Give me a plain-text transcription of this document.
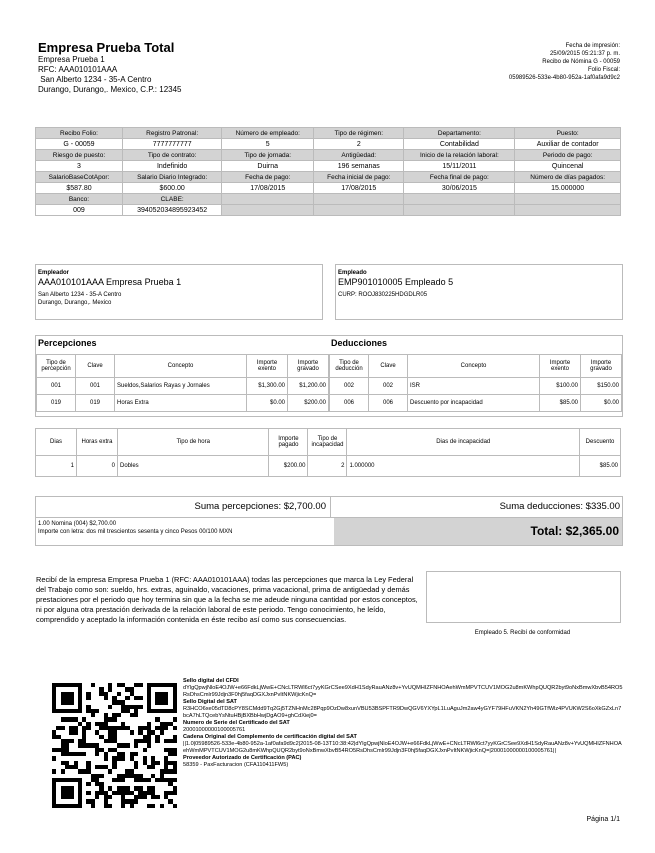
Empresa Prueba Total
Empresa Prueba 1
RFC: AAA010101AAA
San Alberto 1234 - 35-A Centro
Durango, Durango,. Mexico, C.P.: 12345
Fecha de impresión:
25/09/2015 05:21:37 p. m.
Recibo de Nómina G - 00059
Folio Fiscal:
05989526-533e-4b80-952a-1af0afa9d9c2
Recibo Folio:	Registro Patronal:	Número de empleado:	Tipo de régimen:	Departamento:	Puesto:
G - 00059	7777777777	5	2	Contabilidad	Auxiliar de contador
Riesgo de puesto:	Tipo de contrato:	Tipo de jornada:	Antigüedad:	Inicio de la relación laboral:	Periodo de pago:
3	Indefinido	Duirna	196 semanas	15/11/2011	Quincenal
SalarioBaseCotApor:	Salario Diario Integrado:	Fecha de pago:	Fecha inicial de pago:	Fecha final de pago:	Número de días pagados:
$587.80	$600.00	17/08/2015	17/08/2015	30/06/2015	15.000000
Banco:	CLABE:				
009	394052034895923452				
Empleador
AAA010101AAA Empresa Prueba 1
San Alberto 1234 - 35-A Centro
Durango, Durango,. Mexico
Empleado
EMP901010005 Empleado 5
CURP: ROOJ830225HDGDLR05
Percepciones
Tipo de percepción	Clave	Concepto	Importe exento	Importe gravado
001	001	Sueldos,Salarios Rayas y Jornales	$1,300.00	$1,200.00
019	019	Horas Extra	$0.00	$200.00
Deducciones
Tipo de deducción	Clave	Concepto	Importe exento	Importe gravado
002	002	ISR	$100.00	$150.00
006	006	Descuento por incapacidad	$85.00	$0.00
Dias	Horas extra	Tipo de hora	Importe pagado	Tipo de incapacidad	Dias de incapacidad	Descuento
1	0	Dobles	$200.00	2	1.000000	$85.00
Suma percepciones: $2,700.00	Suma deducciones: $335.00
1.00 Nomina (004) $2,700.00
Importe con letra: dos mil trescientos sesenta y cinco Pesos 00/100 MXN	Total: $2,365.00
Recibí de la empresa Empresa Prueba 1 (RFC: AAA010101AAA) todas las percepciones que marca la Ley Federal del Trabajo como son: sueldo, hrs. extras, aguinaldo, vacaciones, prima vacacional, prima de antigüedad y demás prestaciones por el periodo que hoy termina sin que a la fecha se me adeude ninguna cantidad por estos conceptos, ni por alguna otra prestación derivada de la relación laboral de este periodo. Tengo conocimiento, he leído, comprendido y aceptado la información contenida en éste recibo así como sus consecuencias.
Empleado 5. Recibí de conformidad
Sello digital del CFDI
dYlgQpwjNloE4OJW+e66FdkLjWwE+CNcLTRWl6ct7yyKGrCSee9XdH1SdyRauANz8v+YvUQMHIZFNHOAehWmMPVTCUV1MOG2u8mKWhpQUQR2byt9oNxBmwXbvB54RO5RsDhsCmlr99Jdjn3F0hj5faqDGXJxnPvItNKWjicKnQ=
Sello Digital del SAT
R3HCO6xe05dTD8cPY8SCMdd9Tq2Gj5TZNHnMc28Pqp9OzDw8xunVBU53BSPFTR9DwQGV6YXYpL1LuAguJm2aw4yGYF79HFuVKN2Yh49GTfWlz4PVUKW2S6oXkGZxLn7bcA7hLTQcebYsNtuHBjBXBbHwjDgAO9+ghCdXiej0=
Numero de Serie del Certificado del SAT
20001000000100005761
Cadena Original del Complemento de certificación digital del SAT
||1.0|05989526-533e-4b80-952a-1af0afa9d9c2|2015-08-13T10:38:42|dYlgQpwjNloE4OJW+e66FdkLjWwE+CNcLTRWl6ct7yyKGrCSee9XdH1SdyRauANz8v+YvUQMHIZFNHOAehWmMPVTCUV1MOG2u8mKWhpQUQR2byt9oNxBmwXbvB54RO5RsDhsCmlr99Jdjn3F0hj5faqDGXJxnPvItNKWjicKnQ=|20001000000100005761||
Proveedor Autorizado de Certificación (PAC)
58359 - PaxFacturacion (CFA110411FW5)
Página 1/1
